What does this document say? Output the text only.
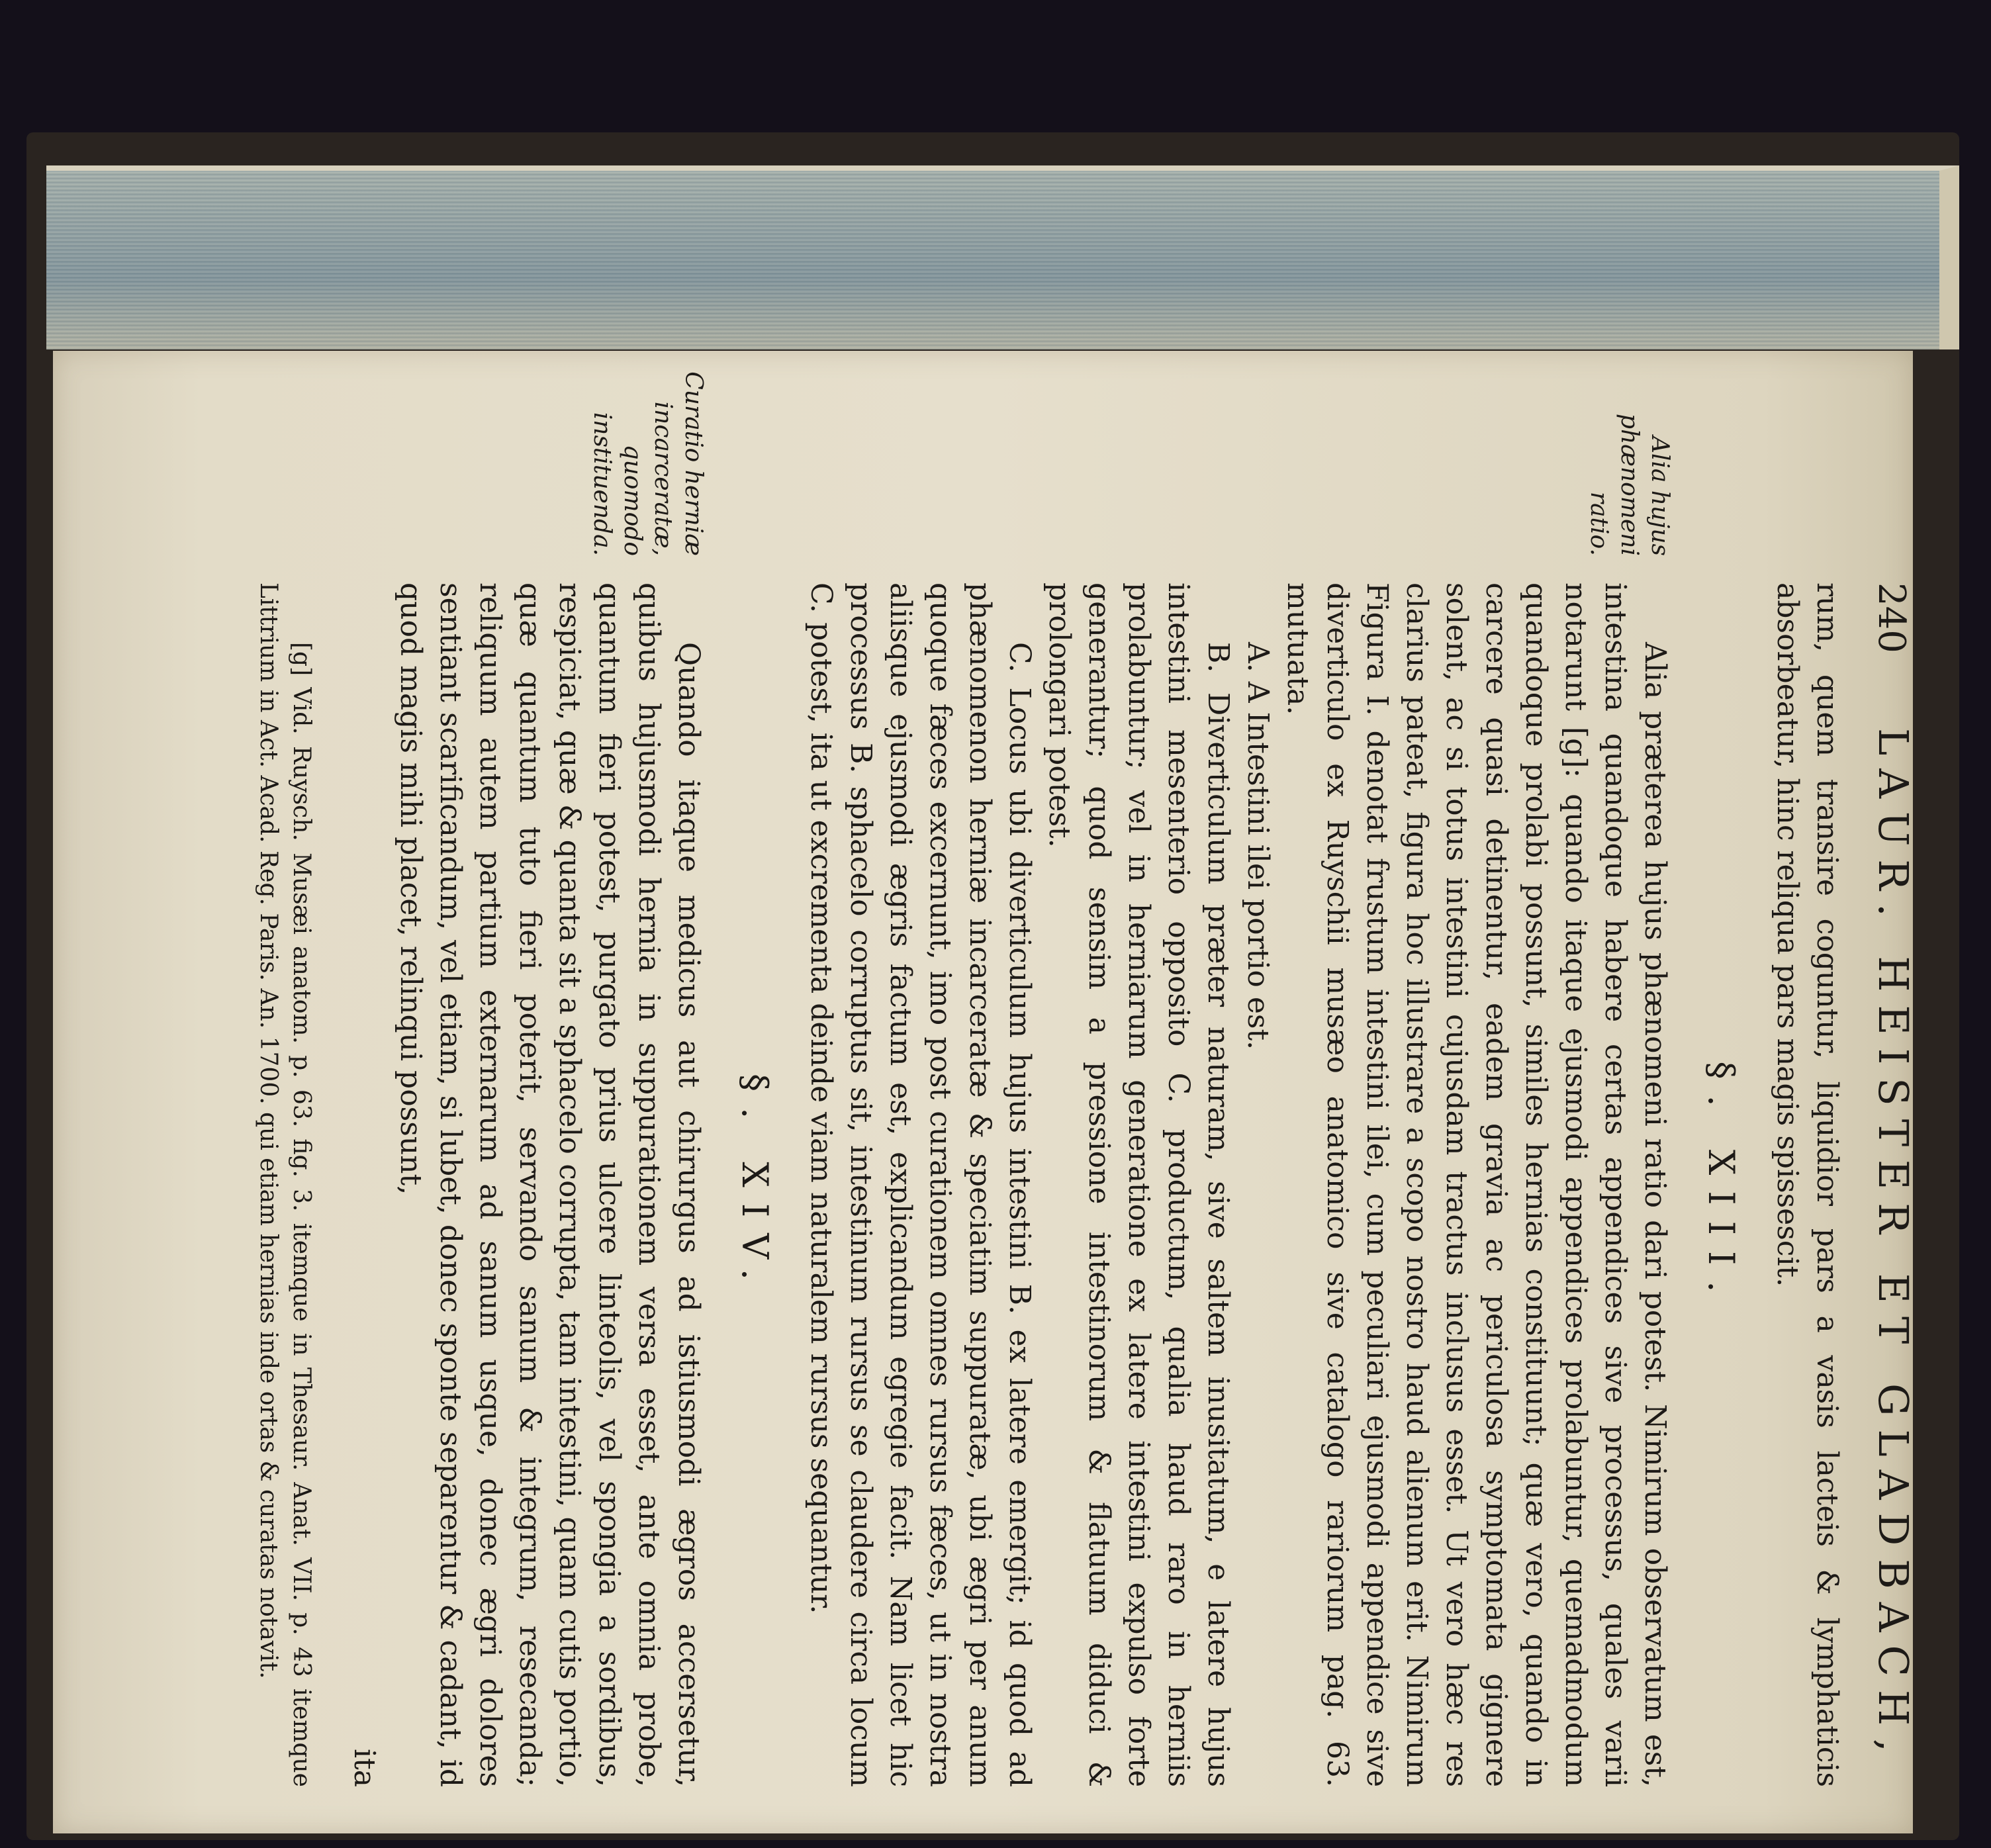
240
LAUR. HEISTER ET GLADBACH,

rum, quem transire coguntur, liquidior pars a vasis lacteis & lymphaticis absorbeatur, hinc reliqua pars magis spissescit.

§. XIII.
Alia hujus phænomeni ratio.

Alia præterea hujus phænomeni ratio dari potest. Nimirum observatum est, intestina quandoque habere certas appendices sive processus, quales varii notarunt [g]: quando itaque ejusmodi appendices prolabuntur, quemadmodum quandoque prolabi possunt, similes hernias constituunt; quæ vero, quando in carcere quasi detinentur, eadem gravia ac periculosa symptomata gignere solent, ac si totus intestini cujusdam tractus inclusus esset. Ut vero hæc res clarius pateat, figura hoc illustrare a scopo nostro haud alienum erit. Nimirum Figura I. denotat frustum intestini ilei, cum peculiari ejusmodi appendice sive diverticulo ex Ruyschii musæo anatomico sive catalogo rariorum pag. 63. mutuata.

A. A Intestini ilei portio est.

B. Diverticulum præter naturam, sive saltem inusitatum, e latere hujus intestini mesenterio opposito C. productum, qualia haud raro in herniis prolabuntur; vel in herniarum generatione ex latere intestini expulso forte generantur; quod sensim a pressione intestinorum & flatuum diduci & prolongari potest.

C. Locus ubi diverticulum hujus intestini B. ex latere emergit; id quod ad phænomenon herniæ incarceratæ & speciatim suppuratæ, ubi ægri per anum quoque fæces excernunt, imo post curationem omnes rursus fæces, ut in nostra aliisque ejusmodi ægris factum est, explicandum egregie facit. Nam licet hic processus B. sphacelo corruptus sit, intestinum rursus se claudere circa locum C. potest, ita ut excrementa deinde viam naturalem rursus sequantur.

§. XIV.
Curatio herniæ incarceratæ, quomodo instituenda.

Quando itaque medicus aut chirurgus ad istiusmodi ægros accersetur, quibus hujusmodi hernia in suppurationem versa esset, ante omnia probe, quantum fieri potest, purgato prius ulcere linteolis, vel spongia a sordibus, respiciat, quæ & quanta sit a sphacelo corrupta, tam intestini, quam cutis portio, quæ quantum tuto fieri poterit, servando sanum & integrum, resecanda; reliquum autem partium externarum ad sanum usque, donec ægri dolores sentiant scarificandum, vel etiam, si lubet, donec sponte separentur & cadant, id quod magis mihi placet, relinqui possunt,

ita

[g] Vid. Ruysch. Musæi anatom. p. 63. fig. 3. itemque in Thesaur. Anat. VII. p. 43 itemque Littrium in Act. Acad. Reg. Paris. An. 1700. qui etiam hernias inde ortas & curatas notavit.
